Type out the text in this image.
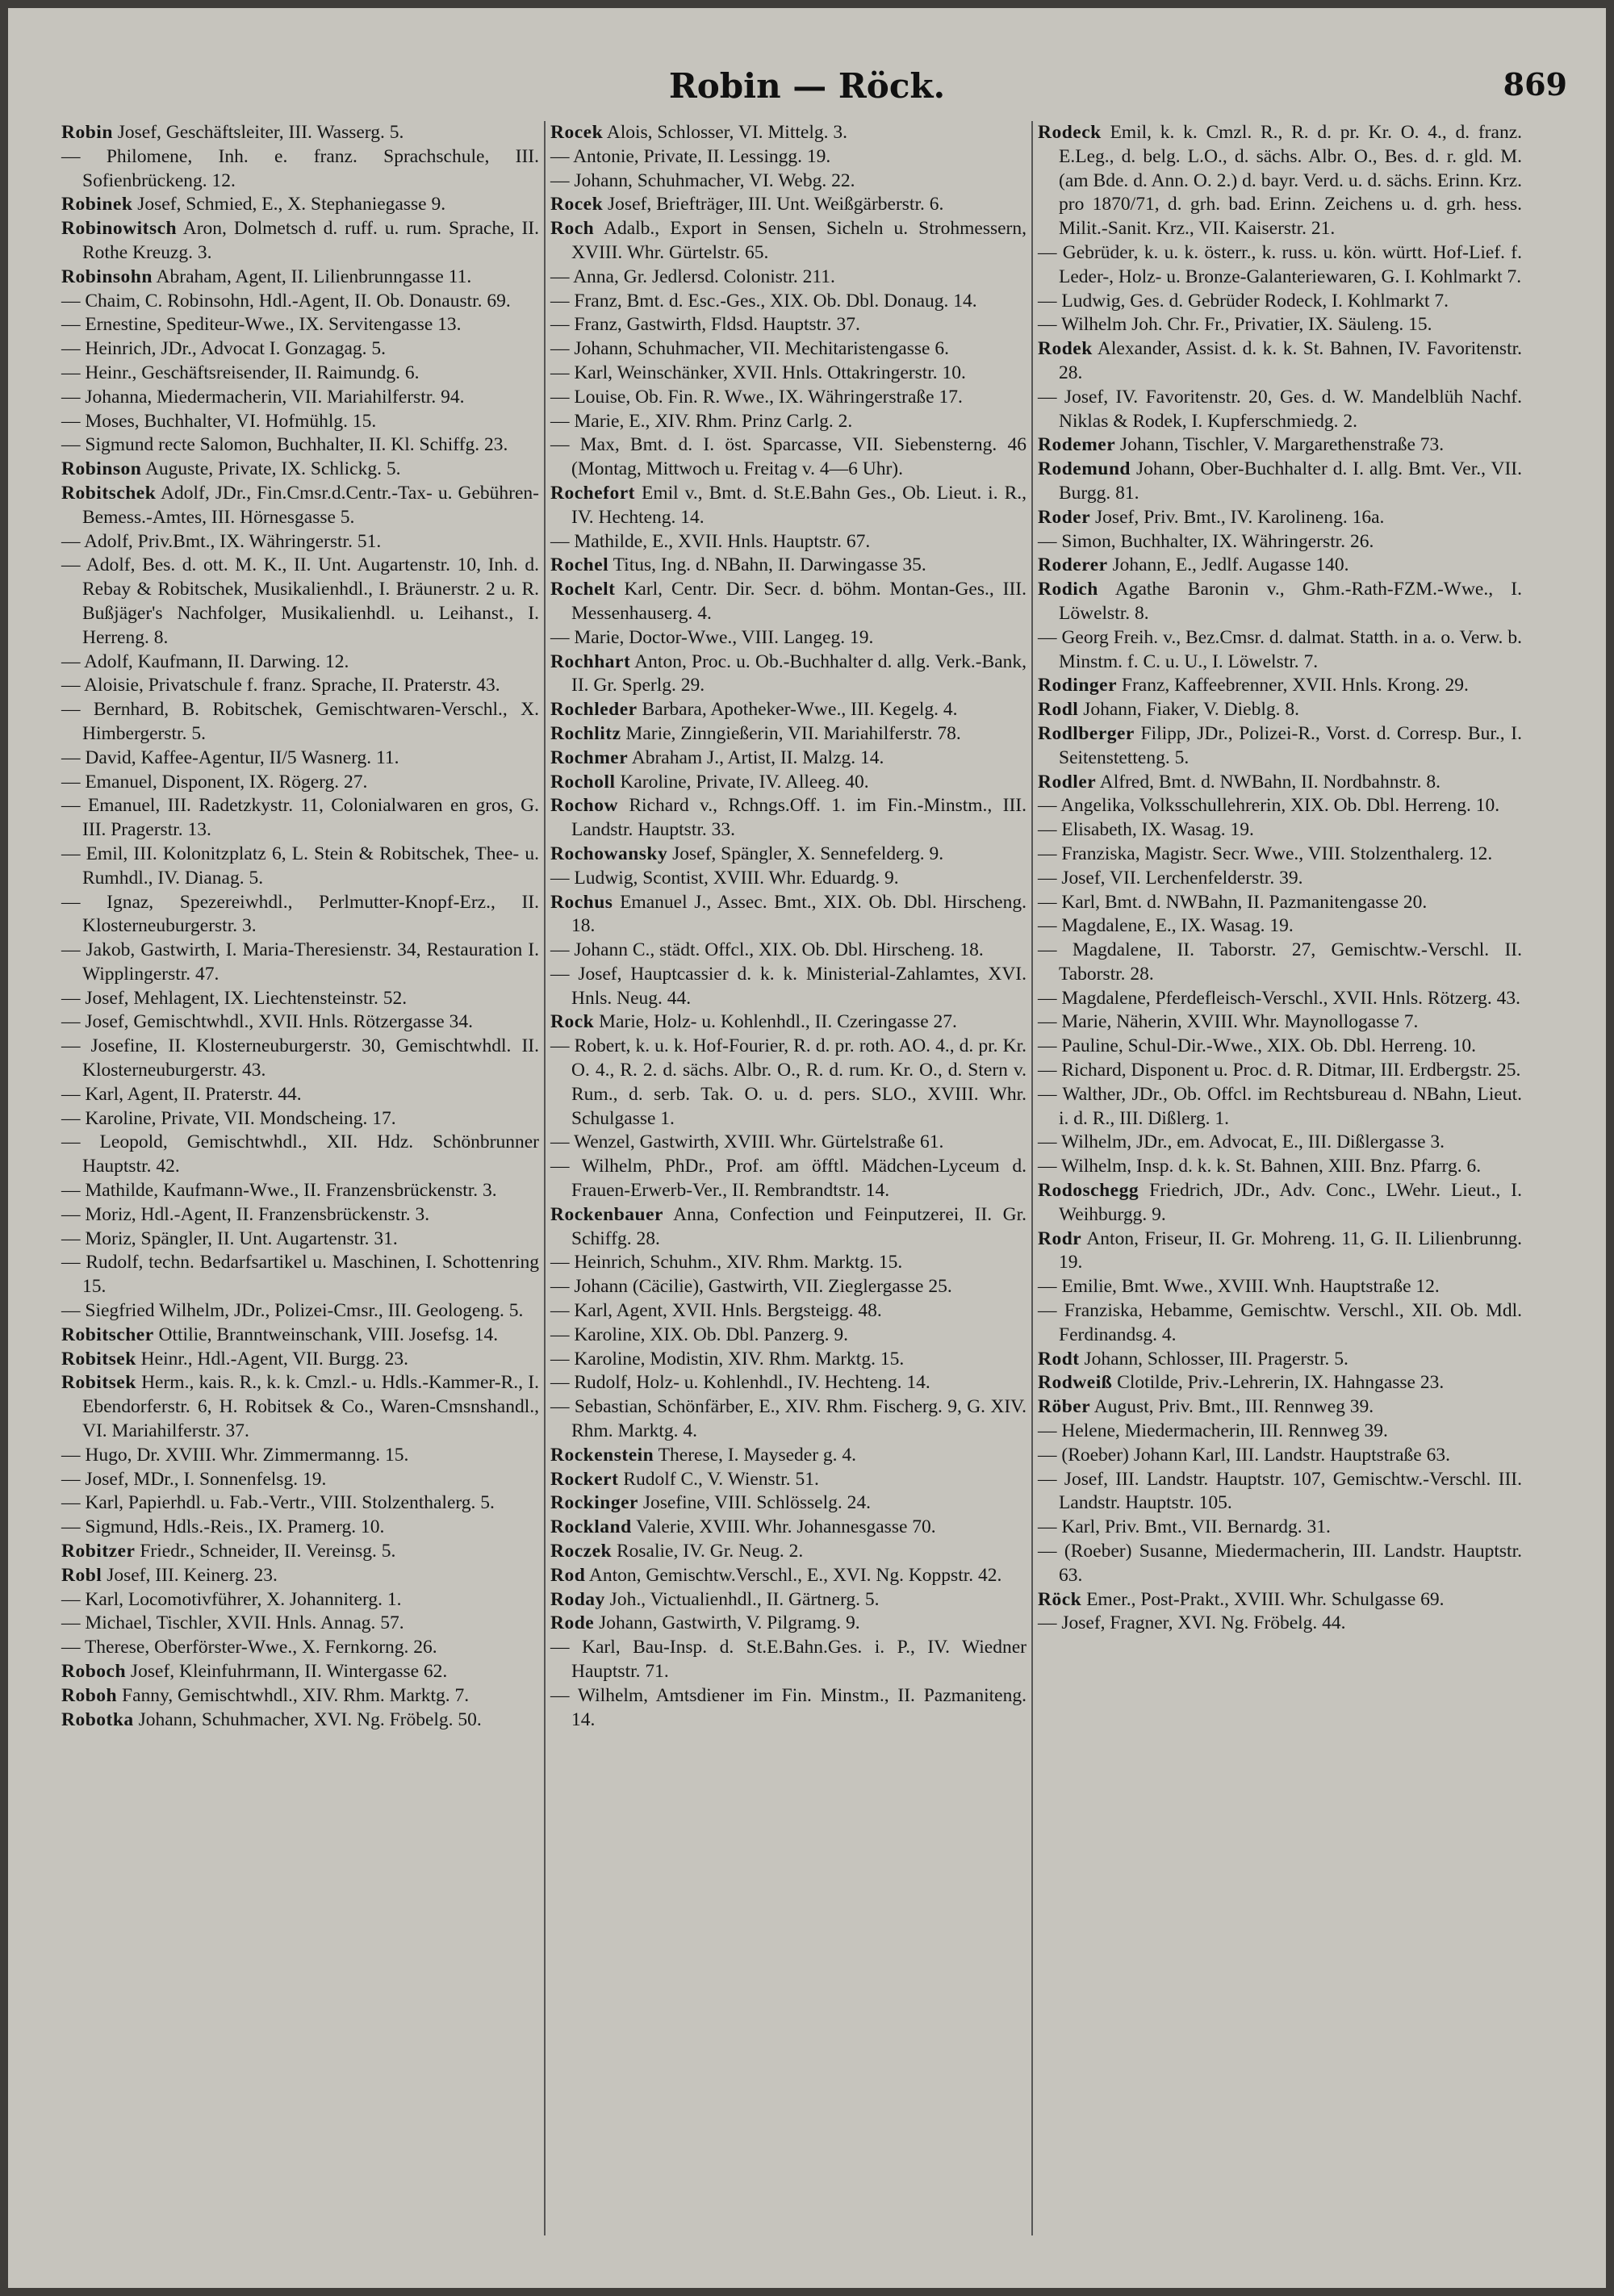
Robin — Röck.	869
Robin Josef, Geschäftsleiter, III. Wasserg. 5.
— Philomene, Inh. e. franz. Sprachschule, III. Sofienbrückeng. 12.
Robinek Josef, Schmied, E., X. Stephaniegasse 9.
Robinowitsch Aron, Dolmetsch d. ruff. u. rum. Sprache, II. Rothe Kreuzg. 3.
Robinsohn Abraham, Agent, II. Lilienbrunngasse 11.
— Chaim, C. Robinsohn, Hdl.-Agent, II. Ob. Donaustr. 69.
— Ernestine, Spediteur-Wwe., IX. Servitengasse 13.
— Heinrich, JDr., Advocat I. Gonzagag. 5.
— Heinr., Geschäftsreisender, II. Raimundg. 6.
— Johanna, Miedermacherin, VII. Mariahilferstr. 94.
— Moses, Buchhalter, VI. Hofmühlg. 15.
— Sigmund recte Salomon, Buchhalter, II. Kl. Schiffg. 23.
Robinson Auguste, Private, IX. Schlickg. 5.
Robitschek Adolf, JDr., Fin.Cmsr.d.Centr.-Tax- u. Gebühren-Bemess.-Amtes, III. Hörnesgasse 5.
— Adolf, Priv.Bmt., IX. Währingerstr. 51.
— Adolf, Bes. d. ott. M. K., II. Unt. Augartenstr. 10, Inh. d. Rebay & Robitschek, Musikalienhdl., I. Bräunerstr. 2 u. R. Bußjäger's Nachfolger, Musikalienhdl. u. Leihanst., I. Herreng. 8.
— Adolf, Kaufmann, II. Darwing. 12.
— Aloisie, Privatschule f. franz. Sprache, II. Praterstr. 43.
— Bernhard, B. Robitschek, Gemischtwaren-Verschl., X. Himbergerstr. 5.
— David, Kaffee-Agentur, II/5 Wasnerg. 11.
— Emanuel, Disponent, IX. Rögerg. 27.
— Emanuel, III. Radetzkystr. 11, Colonialwaren en gros, G. III. Pragerstr. 13.
— Emil, III. Kolonitzplatz 6, L. Stein & Robitschek, Thee- u. Rumhdl., IV. Dianag. 5.
— Ignaz, Spezereiwhdl., Perlmutter-Knopf-Erz., II. Klosterneuburgerstr. 3.
— Jakob, Gastwirth, I. Maria-Theresienstr. 34, Restauration I. Wipplingerstr. 47.
— Josef, Mehlagent, IX. Liechtensteinstr. 52.
— Josef, Gemischtwhdl., XVII. Hnls. Rötzergasse 34.
— Josefine, II. Klosterneuburgerstr. 30, Gemischtwhdl. II. Klosterneuburgerstr. 43.
— Karl, Agent, II. Praterstr. 44.
— Karoline, Private, VII. Mondscheing. 17.
— Leopold, Gemischtwhdl., XII. Hdz. Schönbrunner Hauptstr. 42.
— Mathilde, Kaufmann-Wwe., II. Franzensbrückenstr. 3.
— Moriz, Hdl.-Agent, II. Franzensbrückenstr. 3.
— Moriz, Spängler, II. Unt. Augartenstr. 31.
— Rudolf, techn. Bedarfsartikel u. Maschinen, I. Schottenring 15.
— Siegfried Wilhelm, JDr., Polizei-Cmsr., III. Geologeng. 5.
Robitscher Ottilie, Branntweinschank, VIII. Josefsg. 14.
Robitsek Heinr., Hdl.-Agent, VII. Burgg. 23.
Robitsek Herm., kais. R., k. k. Cmzl.- u. Hdls.-Kammer-R., I. Ebendorferstr. 6, H. Robitsek & Co., Waren-Cmsnshandl., VI. Mariahilferstr. 37.
— Hugo, Dr. XVIII. Whr. Zimmermanng. 15.
— Josef, MDr., I. Sonnenfelsg. 19.
— Karl, Papierhdl. u. Fab.-Vertr., VIII. Stolzenthalerg. 5.
— Sigmund, Hdls.-Reis., IX. Pramerg. 10.
Robitzer Friedr., Schneider, II. Vereinsg. 5.
Robl Josef, III. Keinerg. 23.
— Karl, Locomotivführer, X. Johanniterg. 1.
— Michael, Tischler, XVII. Hnls. Annag. 57.
— Therese, Oberförster-Wwe., X. Fernkorng. 26.
Roboch Josef, Kleinfuhrmann, II. Wintergasse 62.
Roboh Fanny, Gemischtwhdl., XIV. Rhm. Marktg. 7.
Robotka Johann, Schuhmacher, XVI. Ng. Fröbelg. 50.
Rocek Alois, Schlosser, VI. Mittelg. 3.
— Antonie, Private, II. Lessingg. 19.
— Johann, Schuhmacher, VI. Webg. 22.
Rocek Josef, Briefträger, III. Unt. Weißgärberstr. 6.
Roch Adalb., Export in Sensen, Sicheln u. Strohmessern, XVIII. Whr. Gürtelstr. 65.
— Anna, Gr. Jedlersd. Colonistr. 211.
— Franz, Bmt. d. Esc.-Ges., XIX. Ob. Dbl. Donaug. 14.
— Franz, Gastwirth, Fldsd. Hauptstr. 37.
— Johann, Schuhmacher, VII. Mechitaristengasse 6.
— Karl, Weinschänker, XVII. Hnls. Ottakringerstr. 10.
— Louise, Ob. Fin. R. Wwe., IX. Währingerstraße 17.
— Marie, E., XIV. Rhm. Prinz Carlg. 2.
— Max, Bmt. d. I. öst. Sparcasse, VII. Siebensterng. 46 (Montag, Mittwoch u. Freitag v. 4—6 Uhr).
Rochefort Emil v., Bmt. d. St.E.Bahn Ges., Ob. Lieut. i. R., IV. Hechteng. 14.
— Mathilde, E., XVII. Hnls. Hauptstr. 67.
Rochel Titus, Ing. d. NBahn, II. Darwingasse 35.
Rochelt Karl, Centr. Dir. Secr. d. böhm. Montan-Ges., III. Messenhauserg. 4.
— Marie, Doctor-Wwe., VIII. Langeg. 19.
Rochhart Anton, Proc. u. Ob.-Buchhalter d. allg. Verk.-Bank, II. Gr. Sperlg. 29.
Rochleder Barbara, Apotheker-Wwe., III. Kegelg. 4.
Rochlitz Marie, Zinngießerin, VII. Mariahilferstr. 78.
Rochmer Abraham J., Artist, II. Malzg. 14.
Rocholl Karoline, Private, IV. Alleeg. 40.
Rochow Richard v., Rchngs.Off. 1. im Fin.-Minstm., III. Landstr. Hauptstr. 33.
Rochowansky Josef, Spängler, X. Sennefelderg. 9.
— Ludwig, Scontist, XVIII. Whr. Eduardg. 9.
Rochus Emanuel J., Assec. Bmt., XIX. Ob. Dbl. Hirscheng. 18.
— Johann C., städt. Offcl., XIX. Ob. Dbl. Hirscheng. 18.
— Josef, Hauptcassier d. k. k. Ministerial-Zahlamtes, XVI. Hnls. Neug. 44.
Rock Marie, Holz- u. Kohlenhdl., II. Czeringasse 27.
— Robert, k. u. k. Hof-Fourier, R. d. pr. roth. AO. 4., d. pr. Kr. O. 4., R. 2. d. sächs. Albr. O., R. d. rum. Kr. O., d. Stern v. Rum., d. serb. Tak. O. u. d. pers. SLO., XVIII. Whr. Schulgasse 1.
— Wenzel, Gastwirth, XVIII. Whr. Gürtelstraße 61.
— Wilhelm, PhDr., Prof. am öfftl. Mädchen-Lyceum d. Frauen-Erwerb-Ver., II. Rembrandtstr. 14.
Rockenbauer Anna, Confection und Feinputzerei, II. Gr. Schiffg. 28.
— Heinrich, Schuhm., XIV. Rhm. Marktg. 15.
— Johann (Cäcilie), Gastwirth, VII. Zieglergasse 25.
— Karl, Agent, XVII. Hnls. Bergsteigg. 48.
— Karoline, XIX. Ob. Dbl. Panzerg. 9.
— Karoline, Modistin, XIV. Rhm. Marktg. 15.
— Rudolf, Holz- u. Kohlenhdl., IV. Hechteng. 14.
— Sebastian, Schönfärber, E., XIV. Rhm. Fischerg. 9, G. XIV. Rhm. Marktg. 4.
Rockenstein Therese, I. Mayseder g. 4.
Rockert Rudolf C., V. Wienstr. 51.
Rockinger Josefine, VIII. Schlösselg. 24.
Rockland Valerie, XVIII. Whr. Johannesgasse 70.
Roczek Rosalie, IV. Gr. Neug. 2.
Rod Anton, Gemischtw.Verschl., E., XVI. Ng. Koppstr. 42.
Roday Joh., Victualienhdl., II. Gärtnerg. 5.
Rode Johann, Gastwirth, V. Pilgramg. 9.
— Karl, Bau-Insp. d. St.E.Bahn.Ges. i. P., IV. Wiedner Hauptstr. 71.
— Wilhelm, Amtsdiener im Fin. Minstm., II. Pazmaniteng. 14.
Rodeck Emil, k. k. Cmzl. R., R. d. pr. Kr. O. 4., d. franz. E.Leg., d. belg. L.O., d. sächs. Albr. O., Bes. d. r. gld. M. (am Bde. d. Ann. O. 2.) d. bayr. Verd. u. d. sächs. Erinn. Krz. pro 1870/71, d. grh. bad. Erinn. Zeichens u. d. grh. hess. Milit.-Sanit. Krz., VII. Kaiserstr. 21.
— Gebrüder, k. u. k. österr., k. russ. u. kön. württ. Hof-Lief. f. Leder-, Holz- u. Bronze-Galanteriewaren, G. I. Kohlmarkt 7.
— Ludwig, Ges. d. Gebrüder Rodeck, I. Kohlmarkt 7.
— Wilhelm Joh. Chr. Fr., Privatier, IX. Säuleng. 15.
Rodek Alexander, Assist. d. k. k. St. Bahnen, IV. Favoritenstr. 28.
— Josef, IV. Favoritenstr. 20, Ges. d. W. Mandelblüh Nachf. Niklas & Rodek, I. Kupferschmiedg. 2.
Rodemer Johann, Tischler, V. Margarethenstraße 73.
Rodemund Johann, Ober-Buchhalter d. I. allg. Bmt. Ver., VII. Burgg. 81.
Roder Josef, Priv. Bmt., IV. Karolineng. 16a.
— Simon, Buchhalter, IX. Währingerstr. 26.
Roderer Johann, E., Jedlf. Augasse 140.
Rodich Agathe Baronin v., Ghm.-Rath-FZM.-Wwe., I. Löwelstr. 8.
— Georg Freih. v., Bez.Cmsr. d. dalmat. Statth. in a. o. Verw. b. Minstm. f. C. u. U., I. Löwelstr. 7.
Rodinger Franz, Kaffeebrenner, XVII. Hnls. Krong. 29.
Rodl Johann, Fiaker, V. Dieblg. 8.
Rodlberger Filipp, JDr., Polizei-R., Vorst. d. Corresp. Bur., I. Seitenstetteng. 5.
Rodler Alfred, Bmt. d. NWBahn, II. Nordbahnstr. 8.
— Angelika, Volksschullehrerin, XIX. Ob. Dbl. Herreng. 10.
— Elisabeth, IX. Wasag. 19.
— Franziska, Magistr. Secr. Wwe., VIII. Stolzenthalerg. 12.
— Josef, VII. Lerchenfelderstr. 39.
— Karl, Bmt. d. NWBahn, II. Pazmanitengasse 20.
— Magdalene, E., IX. Wasag. 19.
— Magdalene, II. Taborstr. 27, Gemischtw.-Verschl. II. Taborstr. 28.
— Magdalene, Pferdefleisch-Verschl., XVII. Hnls. Rötzerg. 43.
— Marie, Näherin, XVIII. Whr. Maynollogasse 7.
— Pauline, Schul-Dir.-Wwe., XIX. Ob. Dbl. Herreng. 10.
— Richard, Disponent u. Proc. d. R. Ditmar, III. Erdbergstr. 25.
— Walther, JDr., Ob. Offcl. im Rechtsbureau d. NBahn, Lieut. i. d. R., III. Dißlerg. 1.
— Wilhelm, JDr., em. Advocat, E., III. Dißlergasse 3.
— Wilhelm, Insp. d. k. k. St. Bahnen, XIII. Bnz. Pfarrg. 6.
Rodoschegg Friedrich, JDr., Adv. Conc., LWehr. Lieut., I. Weihburgg. 9.
Rodr Anton, Friseur, II. Gr. Mohreng. 11, G. II. Lilienbrunng. 19.
— Emilie, Bmt. Wwe., XVIII. Wnh. Hauptstraße 12.
— Franziska, Hebamme, Gemischtw. Verschl., XII. Ob. Mdl. Ferdinandsg. 4.
Rodt Johann, Schlosser, III. Pragerstr. 5.
Rodweiß Clotilde, Priv.-Lehrerin, IX. Hahngasse 23.
Röber August, Priv. Bmt., III. Rennweg 39.
— Helene, Miedermacherin, III. Rennweg 39.
— (Roeber) Johann Karl, III. Landstr. Hauptstraße 63.
— Josef, III. Landstr. Hauptstr. 107, Gemischtw.-Verschl. III. Landstr. Hauptstr. 105.
— Karl, Priv. Bmt., VII. Bernardg. 31.
— (Roeber) Susanne, Miedermacherin, III. Landstr. Hauptstr. 63.
Röck Emer., Post-Prakt., XVIII. Whr. Schulgasse 69.
— Josef, Fragner, XVI. Ng. Fröbelg. 44.
